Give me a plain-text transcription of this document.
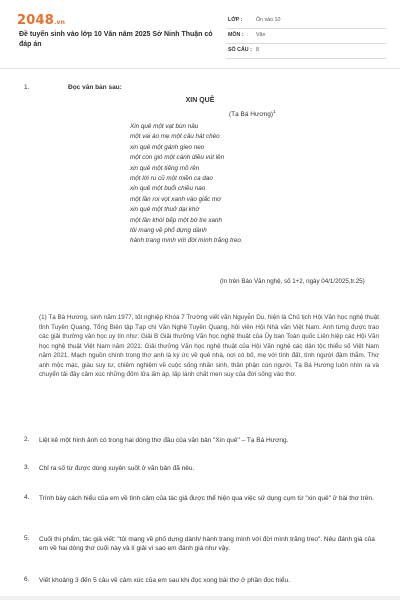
2048.vn
Đề tuyển sinh vào lớp 10 Văn năm 2025 Sở Ninh Thuận có đáp án
LỚP :	Ôn vào 10
MÔN : Văn
SỐ CÂU : 8
1.	Đọc văn bản sau:
XIN QUÊ
(Tạ Bá Hương)$^1$
Xin quê một vạt bùn nâu
một vai áo mẹ một câu hát chèo
xin quê một gánh gieo neo
một con gió một cánh diều vút lên
xin quê một tiếng mõ rền
một lời ru cũ một miền ca dao
xin quê một buổi chiều nao
một lần roi vọt xanh vào giấc mơ
xin quê một thuở dại khờ
một lần khói bếp một bờ tre xanh
tôi mang về phố dựng dành
hành trang mình với đời mình trăng treo.
(In trên Báo Văn nghệ, số 1+2, ngày 04/1/2025,tr.25)
(1) Tạ Bá Hương, sinh năm 1977, tốt nghiệp Khóa 7 Trường viết văn Nguyễn Du, hiện là Chủ tịch Hội Văn học nghệ thuật tỉnh Tuyên Quang, Tổng Biên tập Tạp chí Văn Nghệ Tuyên Quang, hội viên Hội Nhà văn Việt Nam. Anh từng được trao các giải thưởng văn học uy tín như: Giải B Giải thưởng Văn học nghệ thuật của Ủy ban Toàn quốc Liên hiệp các Hội Văn học nghệ thuật Việt Nam năm 2021: Giải thưởng Văn học nghệ thuật của Hội Văn nghệ các dân tộc thiểu số Việt Nam năm 2021. Mạch nguồn chính trong thơ anh là ký ức về quê nhà, nơi có bố, mẹ với tình đất, tình người đậm thắm. Thơ anh mộc mạc, giàu suy tư, chiêm nghiệm về cuộc sống nhân sinh, thân phận con người. Tạ Bá Hương luôn nhìn ra và chuyển tải đầy cảm xúc những đốm lửa ấm áp, lấp lánh chất men suy của đời sống vào thơ.
2. Liệt kê một hình ảnh có trong hai dòng thơ đầu của văn bản "Xin quê" – Tạ Bá Hương.
3. Chỉ ra số từ được dùng xuyên suốt ở văn bản đã nêu.
4. Trình bày cách hiểu của em về tình cảm của tác giả được thể hiện qua việc sử dụng cụm từ "xin quê" ở bài thơ trên.
5. Cuối thi phẩm, tác giả viết: "tôi mang về phố dựng dành/ hành trang mình với đời mình trăng treo". Nêu đánh giá của em về hai dòng thơ cuối này và lí giải vì sao em đánh giá như vậy.
6. Viết khoảng 3 đến 5 câu về cảm xúc của em sau khi đọc xong bài thơ ở phần đọc hiểu.
